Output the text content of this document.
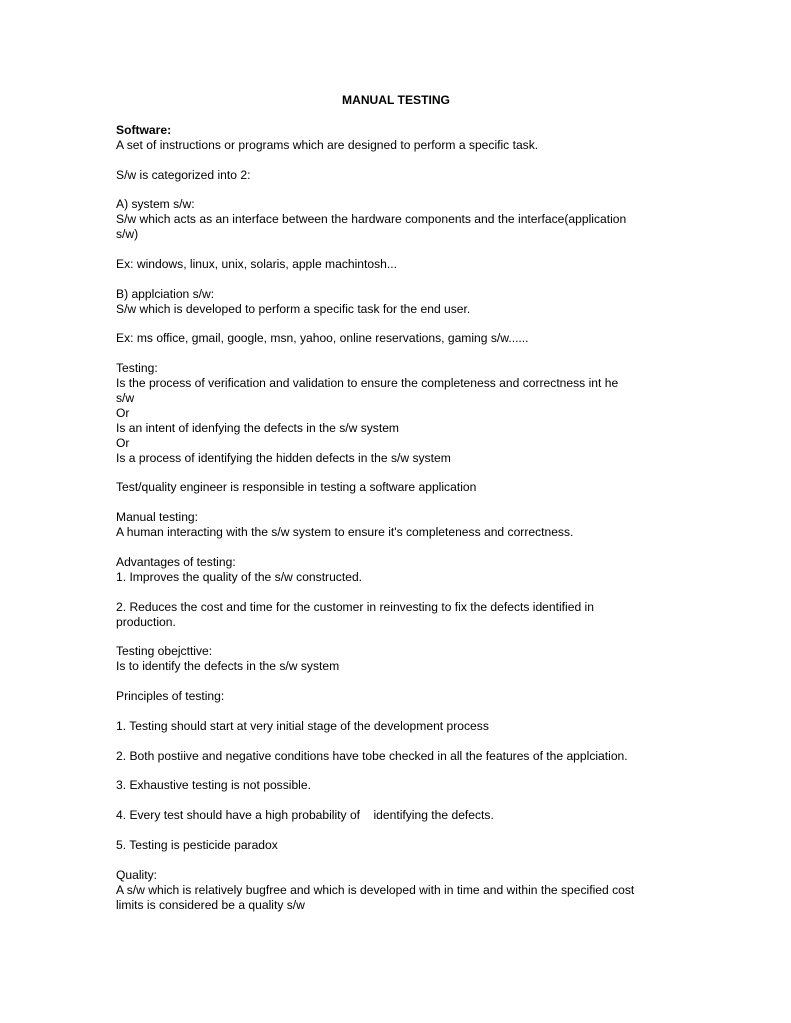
MANUAL TESTING
Software:
A set of instructions or programs which are designed to perform a specific task.
S/w is categorized into 2:
A) system s/w:
S/w which acts as an interface between the hardware components and the interface(application
s/w)
Ex: windows, linux, unix, solaris, apple machintosh...
B) applciation s/w:
S/w which is developed to perform a specific task for the end user.
Ex: ms office, gmail, google, msn, yahoo, online reservations, gaming s/w......
Testing:
Is the process of verification and validation to ensure the completeness and correctness int he
s/w
Or
Is an intent of idenfying the defects in the s/w system
Or
Is a process of identifying the hidden defects in the s/w system
Test/quality engineer is responsible in testing a software application
Manual testing:
A human interacting with the s/w system to ensure it's completeness and correctness.
Advantages of testing:
1. Improves the quality of the s/w constructed.
2. Reduces the cost and time for the customer in reinvesting to fix the defects identified in
production.
Testing obejcttive:
Is to identify the defects in the s/w system
Principles of testing:
1. Testing should start at very initial stage of the development process
2. Both postiive and negative conditions have tobe checked in all the features of the applciation.
3. Exhaustive testing is not possible.
4. Every test should have a high probability of    identifying the defects.
5. Testing is pesticide paradox
Quality:
A s/w which is relatively bugfree and which is developed with in time and within the specified cost
limits is considered be a quality s/w
